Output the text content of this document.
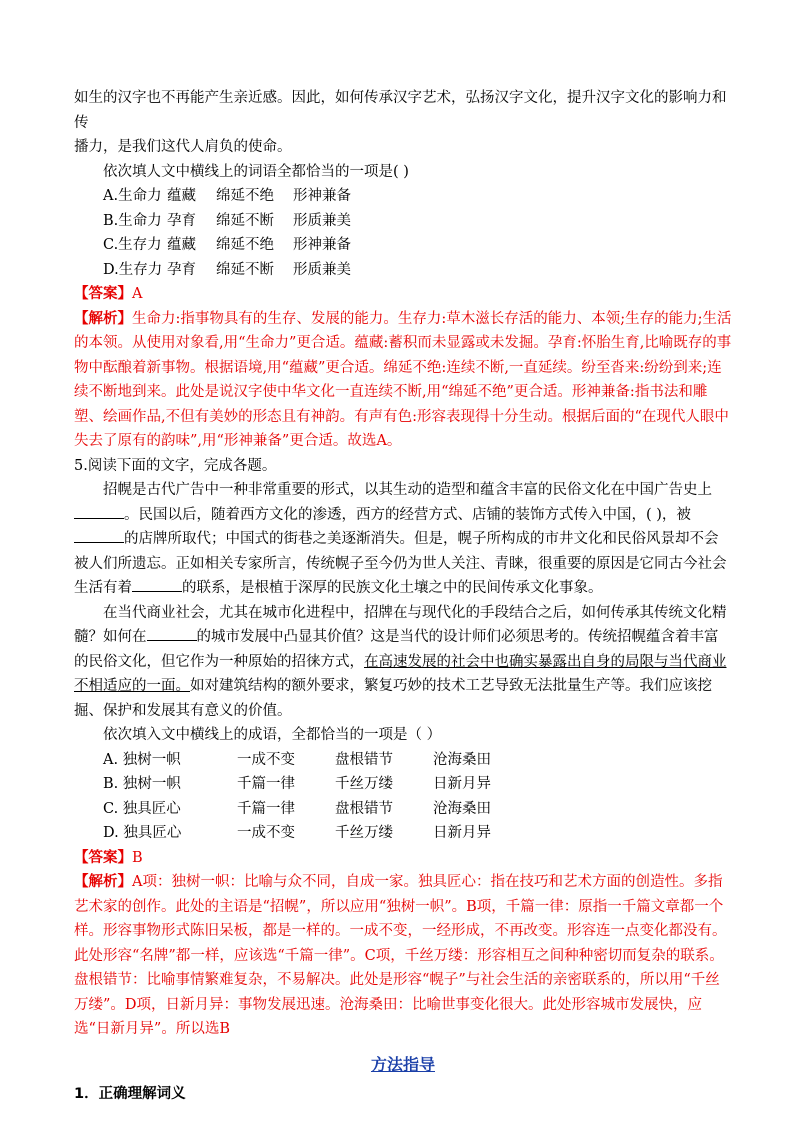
如生的汉字也不再能产生亲近感。因此，如何传承汉字艺术，弘扬汉字文化，提升汉字文化的影响力和传
播力，是我们这代人肩负的使命。

依次填人文中横线上的词语全都恰当的一项是( )

A.生命力 蕴藏	绵延不绝	形神兼备
B.生命力 孕育	绵延不断	形质兼美
C.生存力 蕴藏	绵延不绝	形神兼备
D.生存力 孕育	绵延不断	形质兼美

【答案】A

【解析】生命力:指事物具有的生存、发展的能力。生存力:草木滋长存活的能力、本领;生存的能力;生活的本领。从使用对象看,用“生命力”更合适。蕴藏:蓄积而未显露或未发掘。孕育:怀胎生育,比喻既存的事物中酝酿着新事物。根据语境,用“蕴藏”更合适。绵延不绝:连续不断,一直延续。纷至沓来:纷纷到来;连续不断地到来。此处是说汉字使中华文化一直连续不断,用“绵延不绝”更合适。形神兼备:指书法和雕塑、绘画作品,不但有美妙的形态且有神韵。有声有色:形容表现得十分生动。根据后面的“在现代人眼中失去了原有的韵味”,用“形神兼备”更合适。故选A。

5.阅读下面的文字，完成各题。

招幌是古代广告中一种非常重要的形式，以其生动的造型和蕴含丰富的民俗文化在中国广告史上。民国以后，随着西方文化的渗透，西方的经营方式、店铺的装饰方式传入中国，( )，被的店牌所取代；中国式的街巷之美逐渐消失。但是，幌子所构成的市井文化和民俗风景却不会被人们所遗忘。正如相关专家所言，传统幌子至今仍为世人关注、青睐，很重要的原因是它同古今社会生活有着	的联系，是根植于深厚的民族文化土壤之中的民间传承文化事象。

在当代商业社会，尤其在城市化进程中，招牌在与现代化的手段结合之后，如何传承其传统文化精髓？如何在	的城市发展中凸显其价值？这是当代的设计师们必须思考的。传统招幌蕴含着丰富的民俗文化，但它作为一种原始的招徕方式，在高速发展的社会中也确实暴露出自身的局限与当代商业不相适应的一面。如对建筑结构的额外要求，繁复巧妙的技术工艺导致无法批量生产等。我们应该挖掘、保护和发展其有意义的价值。

依次填入文中横线上的成语，全都恰当的一项是（ ）

A. 独树一帜	一成不变	盘根错节	沧海桑田
B. 独树一帜	千篇一律	千丝万缕	日新月异
C. 独具匠心	千篇一律	盘根错节	沧海桑田
D. 独具匠心	一成不变	千丝万缕	日新月异

【答案】B

【解析】A项：独树一帜：比喻与众不同，自成一家。独具匠心：指在技巧和艺术方面的创造性。多指艺术家的创作。此处的主语是“招幌”，所以应用“独树一帜”。B项，千篇一律：原指一千篇文章都一个样。形容事物形式陈旧呆板，都是一样的。一成不变，一经形成，不再改变。形容连一点变化都没有。此处形容“名牌”都一样，应该选“千篇一律”。C项，千丝万缕：形容相互之间种种密切而复杂的联系。盘根错节：比喻事情繁难复杂，不易解决。此处是形容“幌子”与社会生活的亲密联系的，所以用“千丝万缕”。D项，日新月异：事物发展迅速。沧海桑田：比喻世事变化很大。此处形容城市发展快，应选“日新月异”。所以选B

方法指导
1．正确理解词义
